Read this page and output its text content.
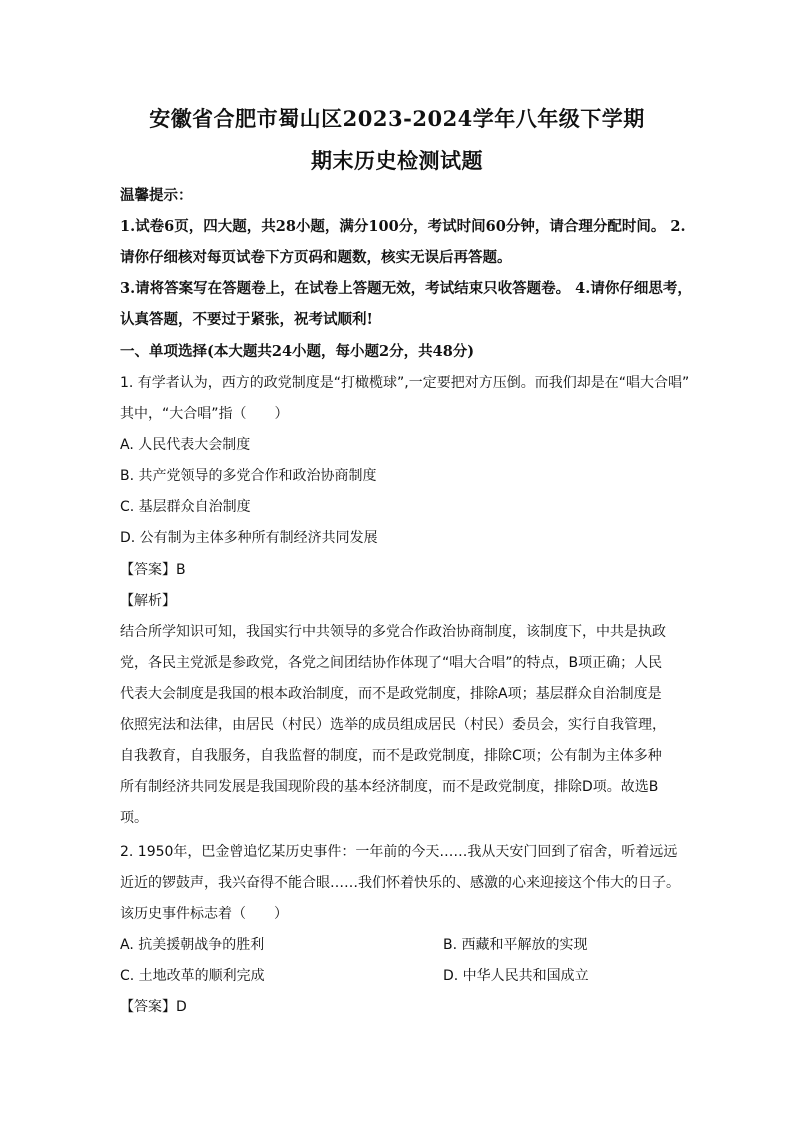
安徽省合肥市蜀山区2023-2024学年八年级下学期
期末历史检测试题
温馨提示：
1.试卷6页，四大题，共28小题，满分100分，考试时间60分钟，请合理分配时间。 2.
请你仔细核对每页试卷下方页码和题数，核实无误后再答题。
3.请将答案写在答题卷上，在试卷上答题无效，考试结束只收答题卷。 4.请你仔细思考，
认真答题，不要过于紧张，祝考试顺利!
一、单项选择(本大题共24小题，每小题2分，共48分)
1. 有学者认为，西方的政党制度是“打橄榄球”,一定要把对方压倒。而我们却是在“唱大合唱”
其中，“大合唱”指（　　）
A. 人民代表大会制度
B. 共产党领导的多党合作和政治协商制度
C. 基层群众自治制度
D. 公有制为主体多种所有制经济共同发展
【答案】B
【解析】
结合所学知识可知，我国实行中共领导的多党合作政治协商制度，该制度下，中共是执政
党，各民主党派是参政党，各党之间团结协作体现了“唱大合唱”的特点，B项正确；人民
代表大会制度是我国的根本政治制度，而不是政党制度，排除A项；基层群众自治制度是
依照宪法和法律，由居民（村民）选举的成员组成居民（村民）委员会，实行自我管理，
自我教育，自我服务，自我监督的制度，而不是政党制度，排除C项；公有制为主体多种
所有制经济共同发展是我国现阶段的基本经济制度，而不是政党制度，排除D项。故选B
项。
2. 1950年，巴金曾追忆某历史事件：一年前的今天……我从天安门回到了宿舍，听着远远
近近的锣鼓声，我兴奋得不能合眼……我们怀着快乐的、感激的心来迎接这个伟大的日子。
该历史事件标志着（　　）
A. 抗美援朝战争的胜利	B. 西藏和平解放的实现
C. 土地改革的顺利完成	D. 中华人民共和国成立
【答案】D
